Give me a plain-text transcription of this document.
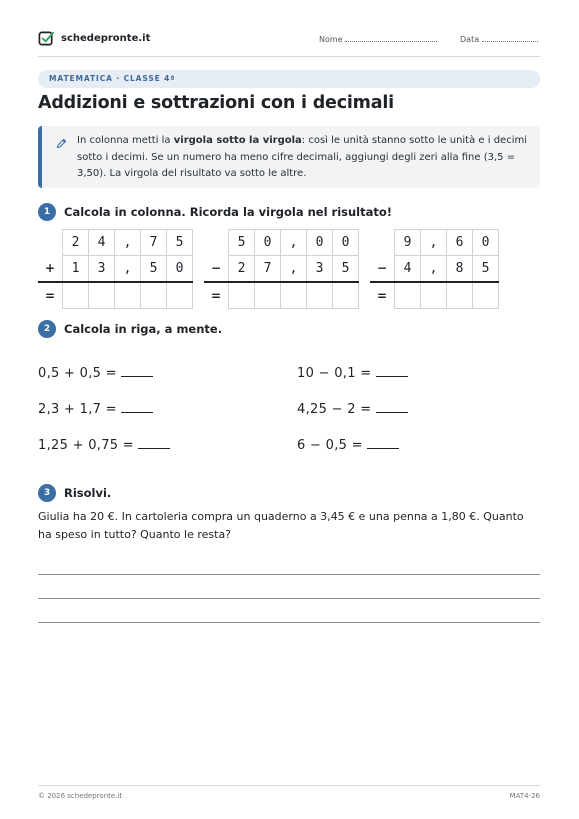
schedepronte.it	Nome	Data
MATEMATICA · CLASSE 4ª
Addizioni e sottrazioni con i decimali
In colonna metti la virgola sotto la virgola: così le unità stanno sotto le unità e i decimi sotto i decimi. Se un numero ha meno cifre decimali, aggiungi degli zeri alla fine (3,5 = 3,50). La virgola del risultato va sotto le altre.
1	Calcola in colonna. Ricorda la virgola nel risultato!
	2	4	,	7	5
+	1	3	,	5	0
=					
	5	0	,	0	0
−	2	7	,	3	5
=					
	9	,	6	0
−	4	,	8	5
=				
2	Calcola in riga, a mente.
0,5 + 0,5 =
2,3 + 1,7 =
1,25 + 0,75 =
10 − 0,1 =
4,25 − 2 =
6 − 0,5 =
3	Risolvi.
Giulia ha 20 €. In cartoleria compra un quaderno a 3,45 € e una penna a 1,80 €. Quanto ha speso in tutto? Quanto le resta?
© 2026 schedepronte.it	MAT4-26
